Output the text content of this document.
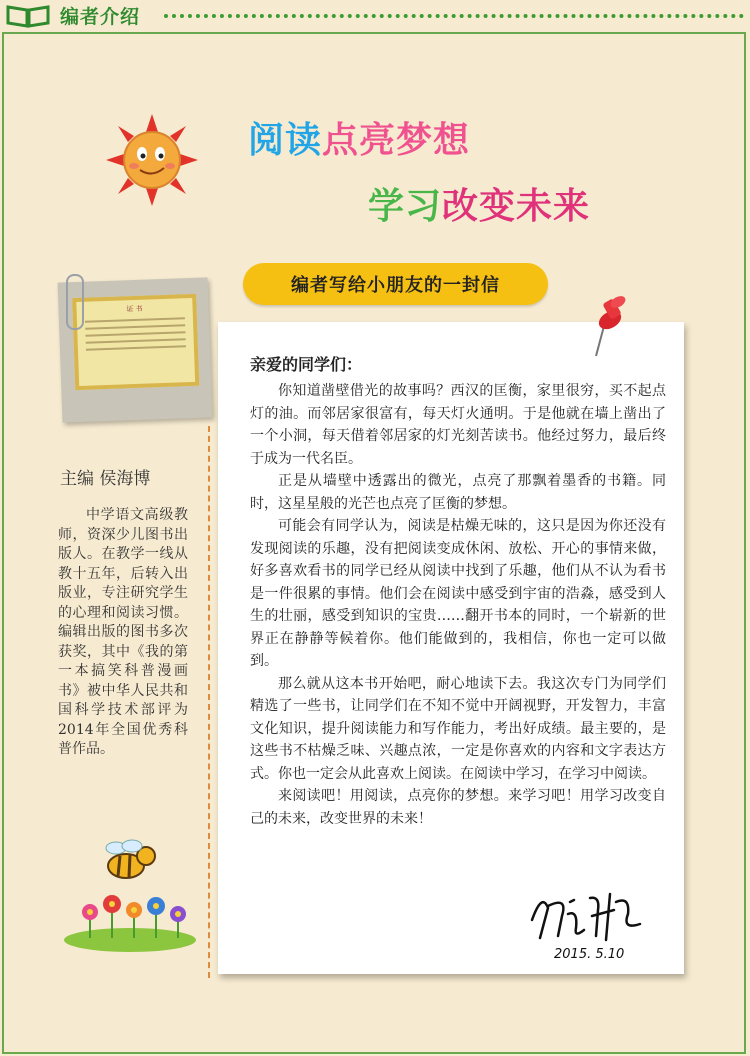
编者介绍
阅读点亮梦想
学习改变未来
编者写给小朋友的一封信
证 书
主编 侯海博
中学语文高级教师，资深少儿图书出版人。在教学一线从教十五年，后转入出版业，专注研究学生的心理和阅读习惯。编辑出版的图书多次获奖，其中《我的第一本搞笑科普漫画书》被中华人民共和国科学技术部评为2014年全国优秀科普作品。
亲爱的同学们：

你知道凿壁借光的故事吗？西汉的匡衡，家里很穷，买不起点灯的油。而邻居家很富有，每天灯火通明。于是他就在墙上凿出了一个小洞，每天借着邻居家的灯光刻苦读书。他经过努力，最后终于成为一代名臣。

正是从墙壁中透露出的微光，点亮了那飘着墨香的书籍。同时，这星星般的光芒也点亮了匡衡的梦想。

可能会有同学认为，阅读是枯燥无味的，这只是因为你还没有发现阅读的乐趣，没有把阅读变成休闲、放松、开心的事情来做，好多喜欢看书的同学已经从阅读中找到了乐趣，他们从不认为看书是一件很累的事情。他们会在阅读中感受到宇宙的浩淼，感受到人生的壮丽，感受到知识的宝贵……翻开书本的同时，一个崭新的世界正在静静等候着你。他们能做到的，我相信，你也一定可以做到。

那么就从这本书开始吧，耐心地读下去。我这次专门为同学们精选了一些书，让同学们在不知不觉中开阔视野，开发智力，丰富文化知识，提升阅读能力和写作能力，考出好成绩。最主要的，是这些书不枯燥乏味、兴趣点浓，一定是你喜欢的内容和文字表达方式。你也一定会从此喜欢上阅读。在阅读中学习，在学习中阅读。

来阅读吧！用阅读，点亮你的梦想。来学习吧！用学习改变自己的未来，改变世界的未来！

2015. 5.10
